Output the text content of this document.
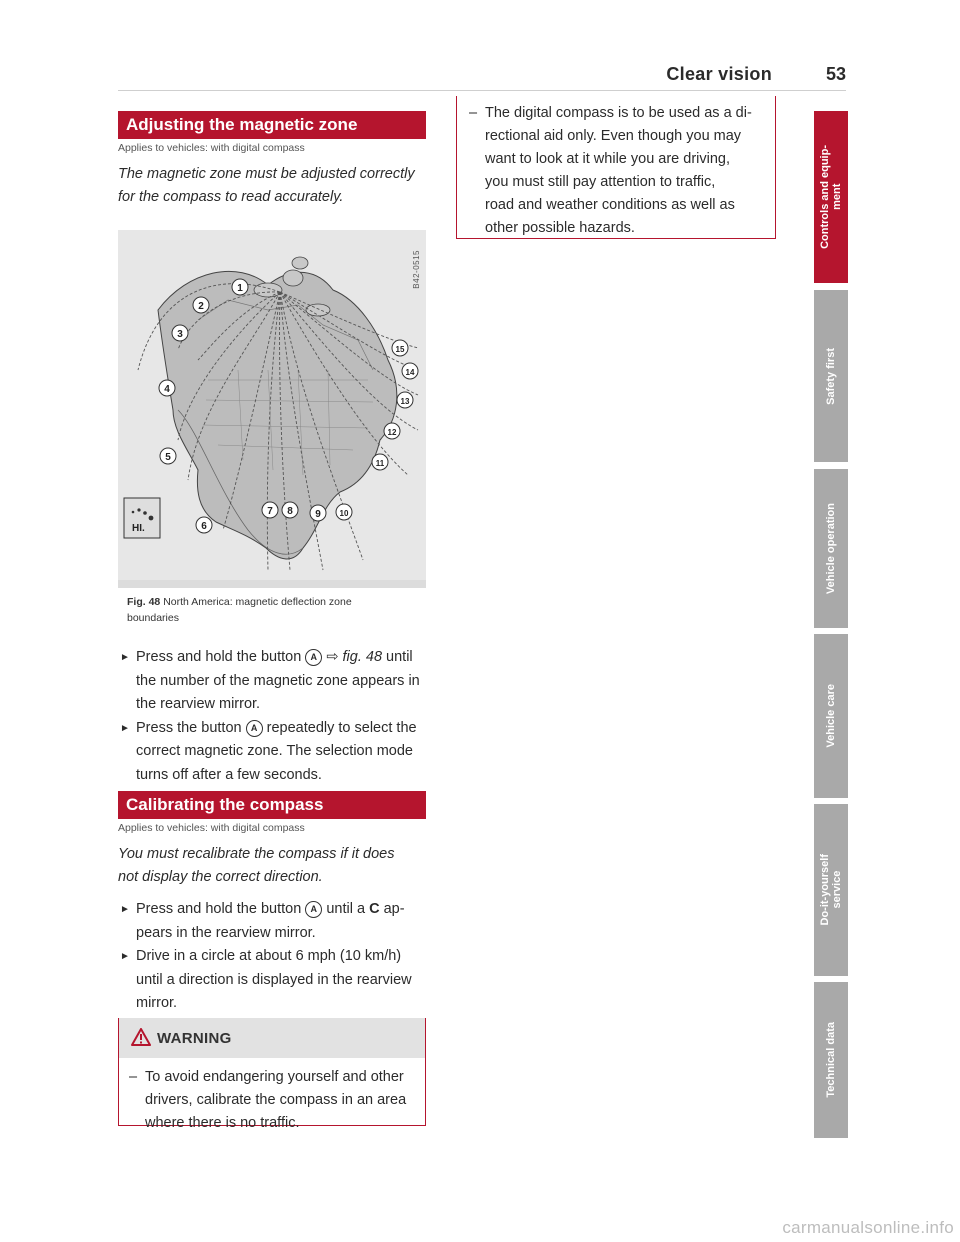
Clear vision	53
Adjusting the magnetic zone
Applies to vehicles: with digital compass
The magnetic zone must be adjusted correctly
for the compass to read accurately.
B42-0515
1
2
3
4
5
6
7 8 9 10
11
12
13
14
15
HI.
Fig. 48 North America: magnetic deflection zone
boundaries
► Press and hold the button A ⇨ fig. 48 until
the number of the magnetic zone appears in
the rearview mirror.
► Press the button A repeatedly to select the
correct magnetic zone. The selection mode
turns off after a few seconds.
Calibrating the compass
Applies to vehicles: with digital compass
You must recalibrate the compass if it does
not display the correct direction.
► Press and hold the button A until a C ap-
pears in the rearview mirror.
► Drive in a circle at about 6 mph (10 km/h)
until a direction is displayed in the rearview
mirror.
WARNING
– To avoid endangering yourself and other
drivers, calibrate the compass in an area
where there is no traffic.
– The digital compass is to be used as a di-
rectional aid only. Even though you may
want to look at it while you are driving,
you must still pay attention to traffic,
road and weather conditions as well as
other possible hazards.	Controls and equip-
ment
Safety first
Vehicle operation
Vehicle care
Do-it-yourself
service
Technical data
carmanualsonline.info
